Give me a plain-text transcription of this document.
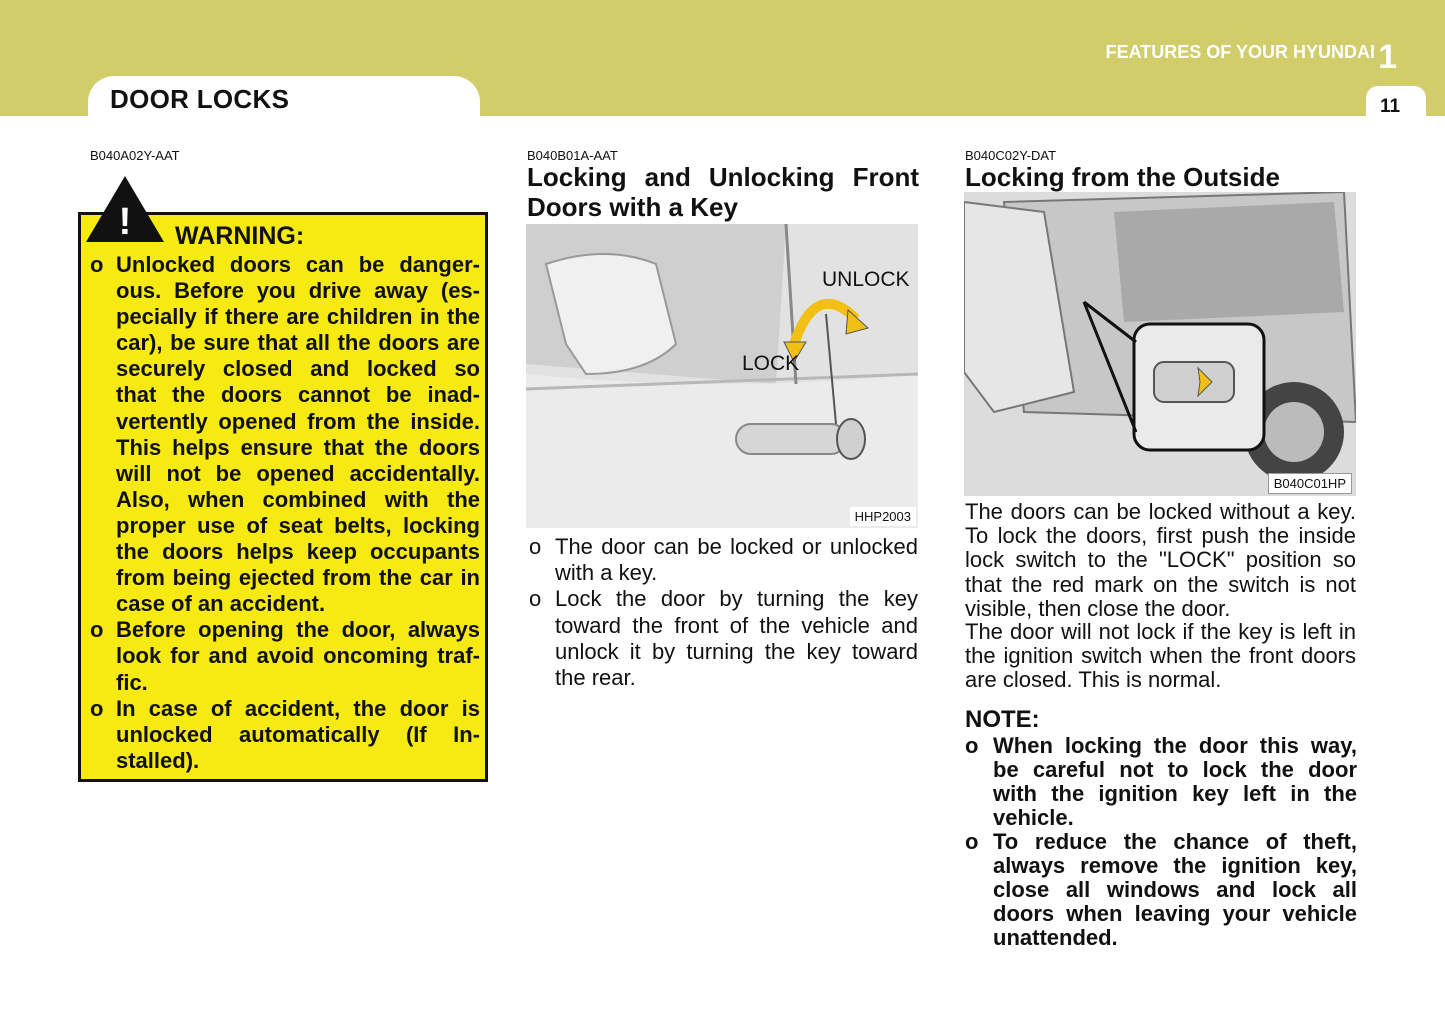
DOOR LOCKS
FEATURES OF YOUR HYUNDAI 1
11
B040A02Y-AAT
! WARNING:
o Unlocked doors can be danger-ous. Before you drive away (es-pecially if there are children in the car), be sure that all the doors are securely closed and locked so that the doors cannot be inad-vertently opened from the inside. This helps ensure that the doors will not be opened accidentally. Also, when combined with the proper use of seat belts, locking the doors helps keep occupants from being ejected from the car in case of an accident.
o Before opening the door, always look for and avoid oncoming traf-fic.
o In case of accident, the door is unlocked automatically (If In-stalled).
B040B01A-AAT
Locking and Unlocking Front
Doors with a Key
UNLOCK
LOCK
HHP2003
o The door can be locked or unlocked with a key.
o Lock the door by turning the key toward the front of the vehicle and unlock it by turning the key toward the rear.
B040C02Y-DAT
Locking from the Outside
B040C01HP

The doors can be locked without a key. To lock the doors, first push the inside lock switch to the "LOCK" position so that the red mark on the switch is not visible, then close the door.

The door will not lock if the key is left in the ignition switch when the front doors are closed. This is normal.

NOTE:
o When locking the door this way, be careful not to lock the door with the ignition key left in the vehicle.
o To reduce the chance of theft, always remove the ignition key, close all windows and lock all doors when leaving your vehicle unattended.
